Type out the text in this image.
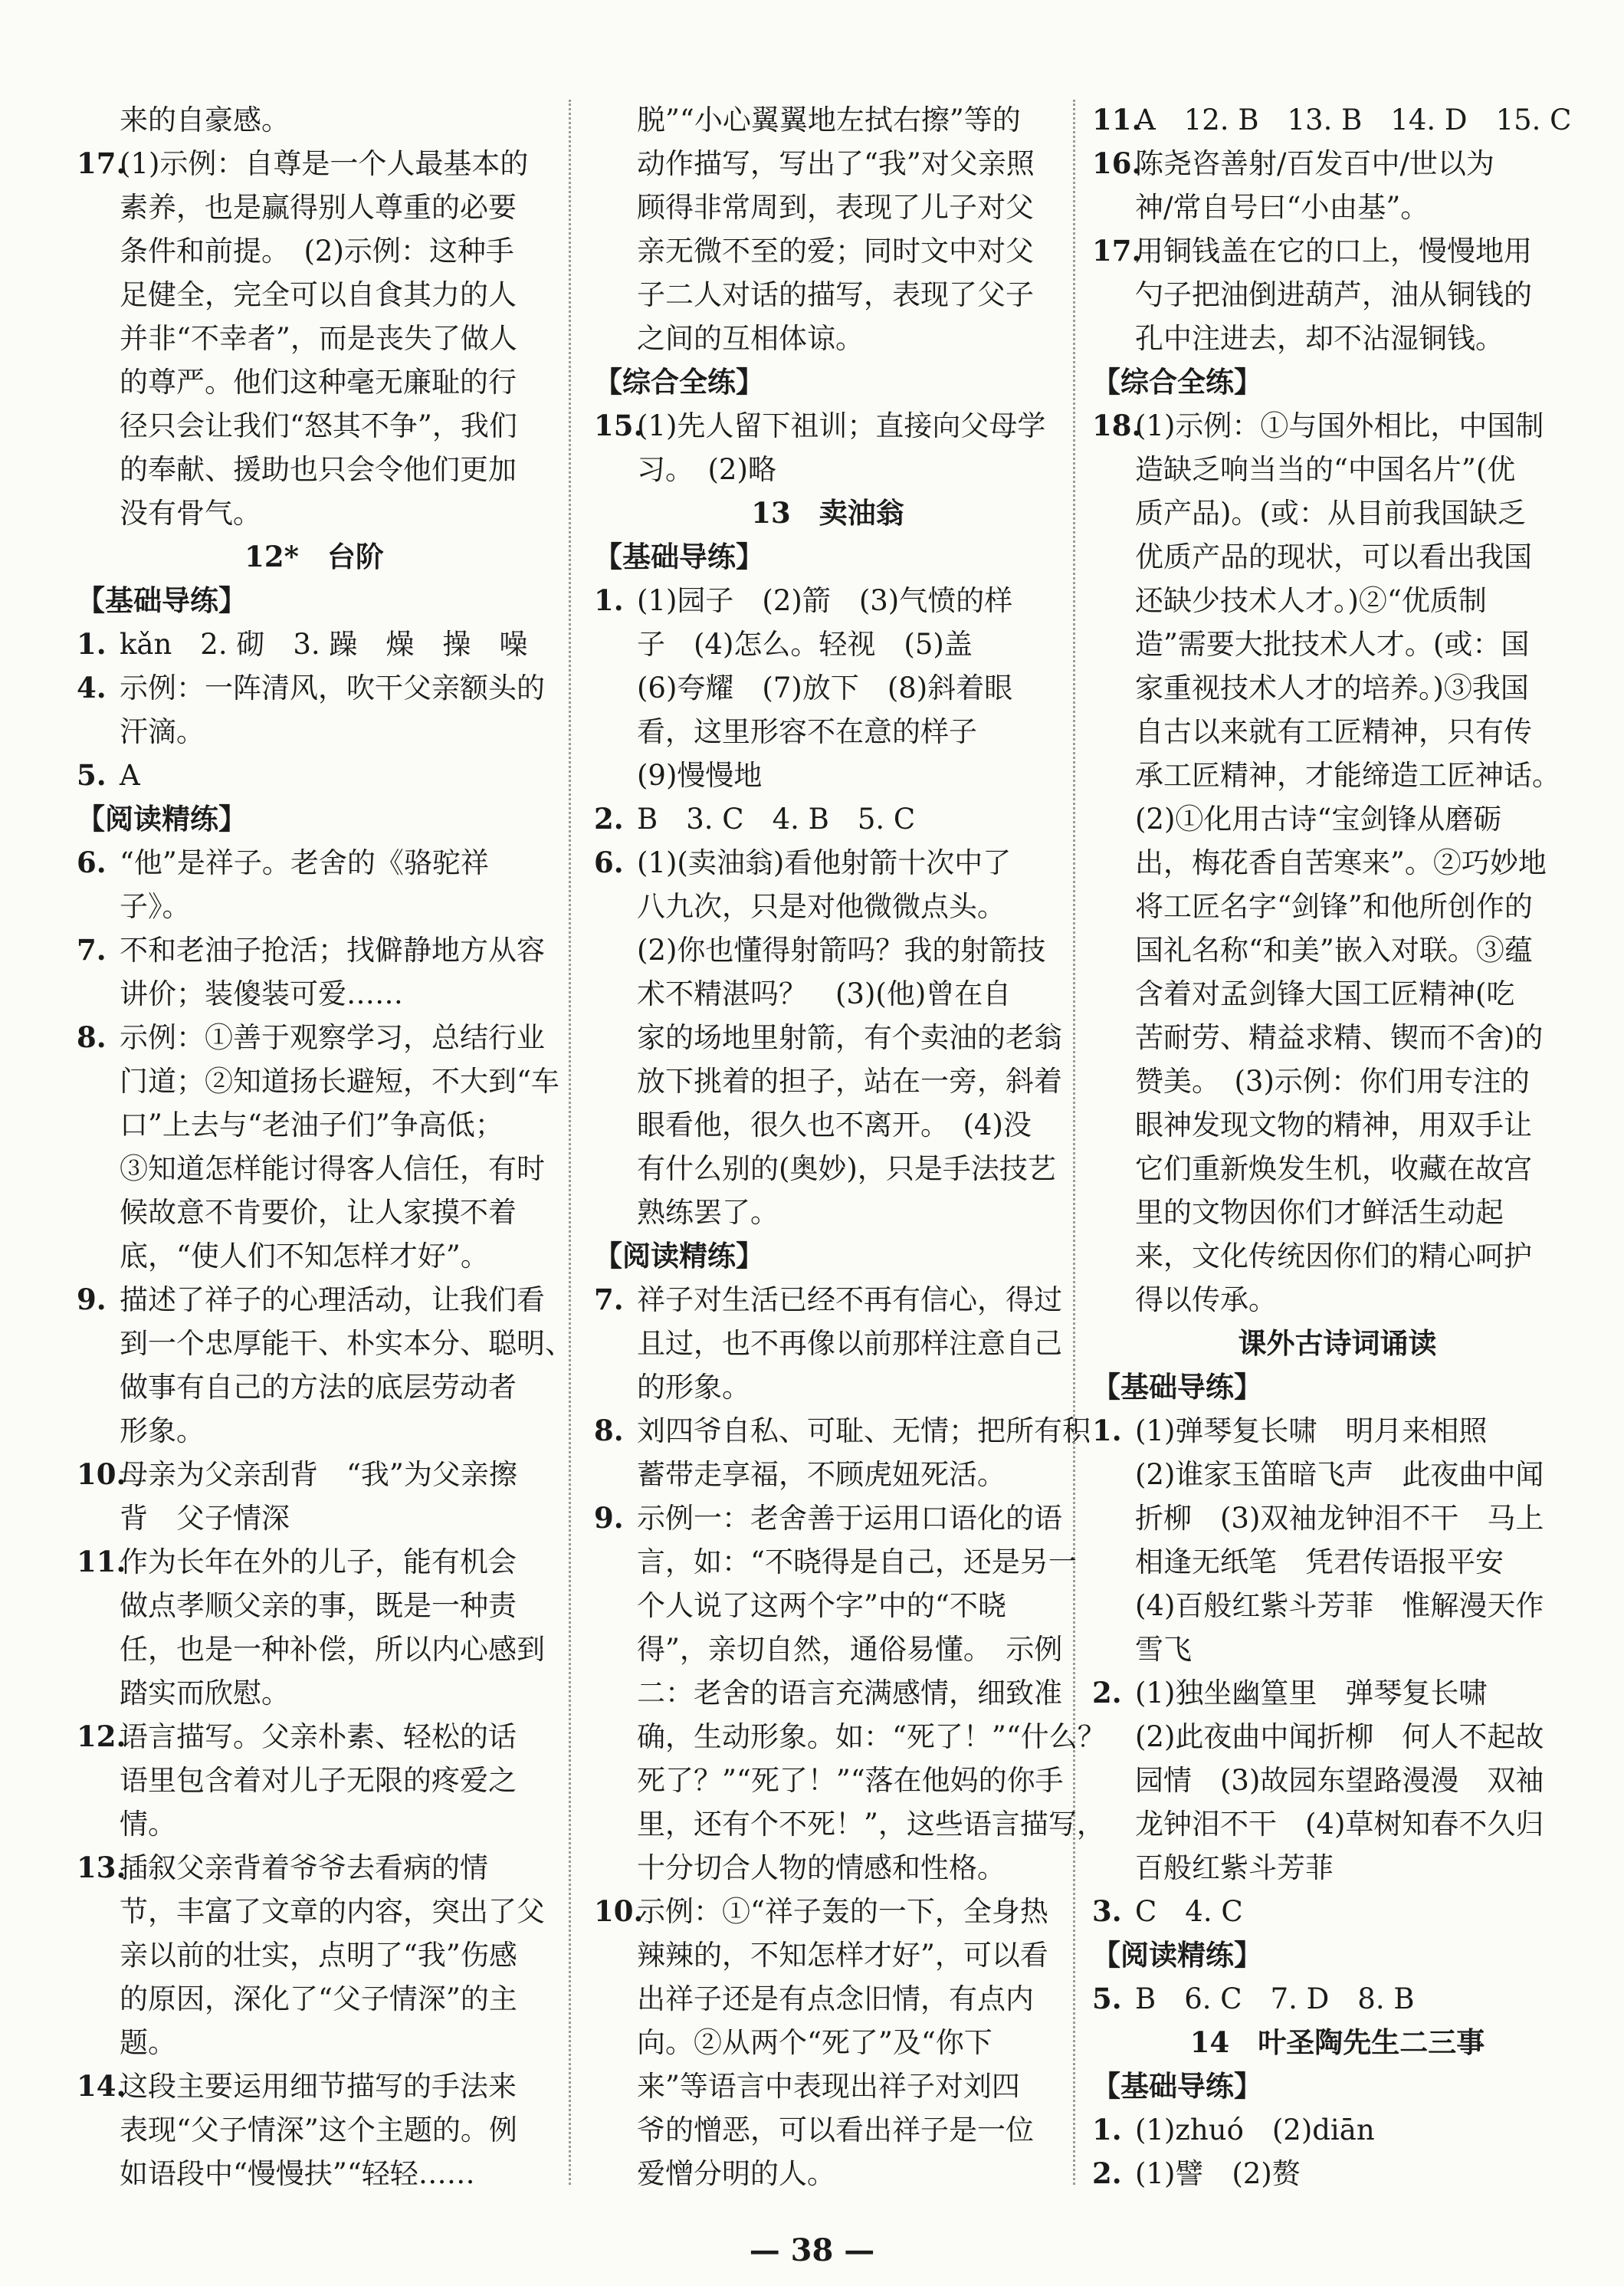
来的自豪感。
17.
(1)示例：自尊是一个人最基本的
素养，也是赢得别人尊重的必要
条件和前提。　(2)示例：这种手
足健全，完全可以自食其力的人
并非“不幸者”，而是丧失了做人
的尊严。他们这种毫无廉耻的行
径只会让我们“怒其不争”，我们
的奉献、援助也只会令他们更加
没有骨气。
12*　台阶
【基础导练】
1. kǎn　2. 砌　3. 躁　燥　操　噪
4. 示例：一阵清风，吹干父亲额头的
汗滴。
5. A
【阅读精练】
6. “他”是祥子。老舍的《骆驼祥
子》。
7. 不和老油子抢活；找僻静地方从容
讲价；装傻装可爱……
8. 示例：①善于观察学习，总结行业
门道；②知道扬长避短，不大到“车
口”上去与“老油子们”争高低；
③知道怎样能讨得客人信任，有时
候故意不肯要价，让人家摸不着
底，“使人们不知怎样才好”。
9. 描述了祥子的心理活动，让我们看
到一个忠厚能干、朴实本分、聪明、
做事有自己的方法的底层劳动者
形象。
10.
母亲为父亲刮背　“我”为父亲擦
背　父子情深
11.
作为长年在外的儿子，能有机会
做点孝顺父亲的事，既是一种责
任，也是一种补偿，所以内心感到
踏实而欣慰。
12.
语言描写。父亲朴素、轻松的话
语里包含着对儿子无限的疼爱之
情。
13.
插叙父亲背着爷爷去看病的情
节，丰富了文章的内容，突出了父
亲以前的壮实，点明了“我”伤感
的原因，深化了“父子情深”的主
题。
14.
这段主要运用细节描写的手法来
表现“父子情深”这个主题的。例
如语段中“慢慢扶”“轻轻……
脱”“小心翼翼地左拭右擦”等的
动作描写，写出了“我”对父亲照
顾得非常周到，表现了儿子对父
亲无微不至的爱；同时文中对父
子二人对话的描写，表现了父子
之间的互相体谅。
【综合全练】
15.
(1)先人留下祖训；直接向父母学
习。　(2)略
13　卖油翁
【基础导练】
1. (1)园子　(2)箭　(3)气愤的样
子　(4)怎么。轻视　(5)盖
(6)夸耀　(7)放下　(8)斜着眼
看，这里形容不在意的样子
(9)慢慢地
2. B　3. C　4. B　5. C
6. (1)(卖油翁)看他射箭十次中了
八九次，只是对他微微点头。
(2)你也懂得射箭吗？我的射箭技
术不精湛吗？　(3)(他)曾在自
家的场地里射箭，有个卖油的老翁
放下挑着的担子，站在一旁，斜着
眼看他，很久也不离开。　(4)没
有什么别的(奥妙)，只是手法技艺
熟练罢了。
【阅读精练】
7. 祥子对生活已经不再有信心，得过
且过，也不再像以前那样注意自己
的形象。
8. 刘四爷自私、可耻、无情；把所有积
蓄带走享福，不顾虎妞死活。
9. 示例一：老舍善于运用口语化的语
言，如：“不晓得是自己，还是另一
个人说了这两个字”中的“不晓
得”，亲切自然，通俗易懂。　示例
二：老舍的语言充满感情，细致准
确，生动形象。如：“死了！”“什么？
死了？”“死了！”“落在他妈的你手
里，还有个不死！”，这些语言描写，
十分切合人物的情感和性格。
10.
示例：①“祥子轰的一下，全身热
辣辣的，不知怎样才好”，可以看
出祥子还是有点念旧情，有点内
向。②从两个“死了”及“你下
来”等语言中表现出祥子对刘四
爷的憎恶，可以看出祥子是一位
爱憎分明的人。
11.
A　12. B　13. B　14. D　15. C
16.
陈尧咨善射/百发百中/世以为
神/常自号曰“小由基”。
17.
用铜钱盖在它的口上，慢慢地用
勺子把油倒进葫芦，油从铜钱的
孔中注进去，却不沾湿铜钱。
【综合全练】
18.
(1)示例：①与国外相比，中国制
造缺乏响当当的“中国名片”(优
质产品)。(或：从目前我国缺乏
优质产品的现状，可以看出我国
还缺少技术人才。)②“优质制
造”需要大批技术人才。(或：国
家重视技术人才的培养。)③我国
自古以来就有工匠精神，只有传
承工匠精神，才能缔造工匠神话。
(2)①化用古诗“宝剑锋从磨砺
出，梅花香自苦寒来”。②巧妙地
将工匠名字“剑锋”和他所创作的
国礼名称“和美”嵌入对联。③蕴
含着对孟剑锋大国工匠精神(吃
苦耐劳、精益求精、锲而不舍)的
赞美。　(3)示例：你们用专注的
眼神发现文物的精神，用双手让
它们重新焕发生机，收藏在故宫
里的文物因你们才鲜活生动起
来，文化传统因你们的精心呵护
得以传承。
课外古诗词诵读
【基础导练】
1. (1)弹琴复长啸　明月来相照
(2)谁家玉笛暗飞声　此夜曲中闻
折柳　(3)双袖龙钟泪不干　马上
相逢无纸笔　凭君传语报平安
(4)百般红紫斗芳菲　惟解漫天作
雪飞
2. (1)独坐幽篁里　弹琴复长啸
(2)此夜曲中闻折柳　何人不起故
园情　(3)故园东望路漫漫　双袖
龙钟泪不干　(4)草树知春不久归
百般红紫斗芳菲
3. C　4. C
【阅读精练】
5. B　6. C　7. D　8. B
14　叶圣陶先生二三事
【基础导练】
1. (1)zhuó　(2)diān
2. (1)譬　(2)赘
— 38 —
